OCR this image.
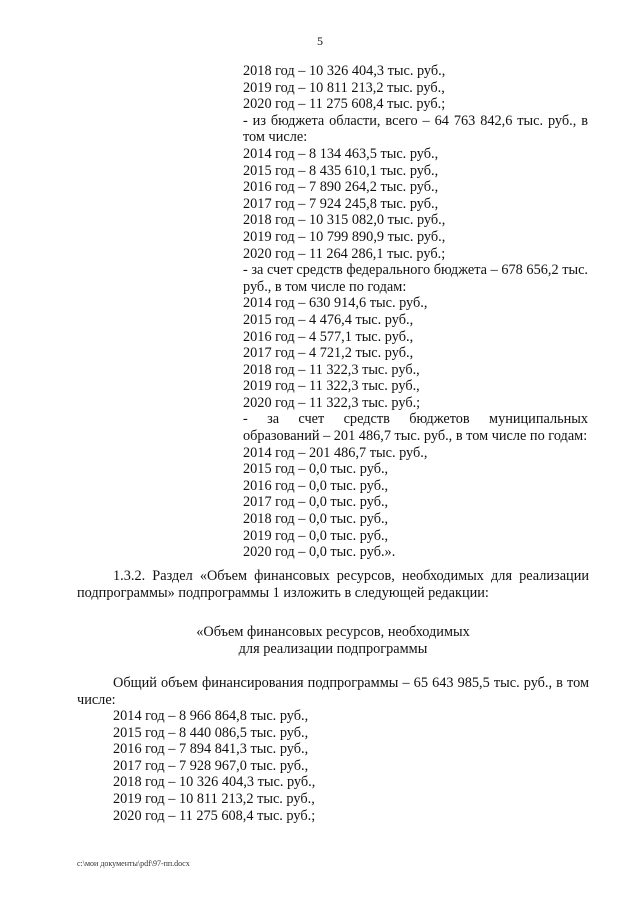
5
2018 год – 10 326 404,3 тыс. руб.,
2019 год – 10 811 213,2 тыс. руб.,
2020 год – 11 275 608,4 тыс. руб.;
- из бюджета области, всего – 64 763 842,6 тыс. руб., в том числе:
2014 год – 8 134 463,5 тыс. руб.,
2015 год – 8 435 610,1 тыс. руб.,
2016 год – 7 890 264,2 тыс. руб.,
2017 год – 7 924 245,8 тыс. руб.,
2018 год – 10 315 082,0 тыс. руб.,
2019 год – 10 799 890,9 тыс. руб.,
2020 год – 11 264 286,1 тыс. руб.;
- за счет средств федерального бюджета – 678 656,2 тыс. руб., в том числе по годам:
2014 год – 630 914,6 тыс. руб.,
2015 год – 4 476,4 тыс. руб.,
2016 год – 4 577,1 тыс. руб.,
2017 год – 4 721,2 тыс. руб.,
2018 год – 11 322,3 тыс. руб.,
2019 год – 11 322,3 тыс. руб.,
2020 год – 11 322,3 тыс. руб.;
- за счет средств бюджетов муниципальных образований – 201 486,7 тыс. руб., в том числе по годам:
2014 год – 201 486,7 тыс. руб.,
2015 год – 0,0 тыс. руб.,
2016 год – 0,0 тыс. руб.,
2017 год – 0,0 тыс. руб.,
2018 год – 0,0 тыс. руб.,
2019 год – 0,0 тыс. руб.,
2020 год – 0,0 тыс. руб.».
1.3.2. Раздел «Объем финансовых ресурсов, необходимых для реализации подпрограммы» подпрограммы 1 изложить в следующей редакции:
«Объем финансовых ресурсов, необходимых
для реализации подпрограммы
Общий объем финансирования подпрограммы – 65 643 985,5 тыс. руб., в том числе:
2014 год – 8 966 864,8 тыс. руб.,
2015 год – 8 440 086,5 тыс. руб.,
2016 год – 7 894 841,3 тыс. руб.,
2017 год – 7 928 967,0 тыс. руб.,
2018 год – 10 326 404,3 тыс. руб.,
2019 год – 10 811 213,2 тыс. руб.,
2020 год – 11 275 608,4 тыс. руб.;
c:\мои документы\pdf\97-пп.docx
